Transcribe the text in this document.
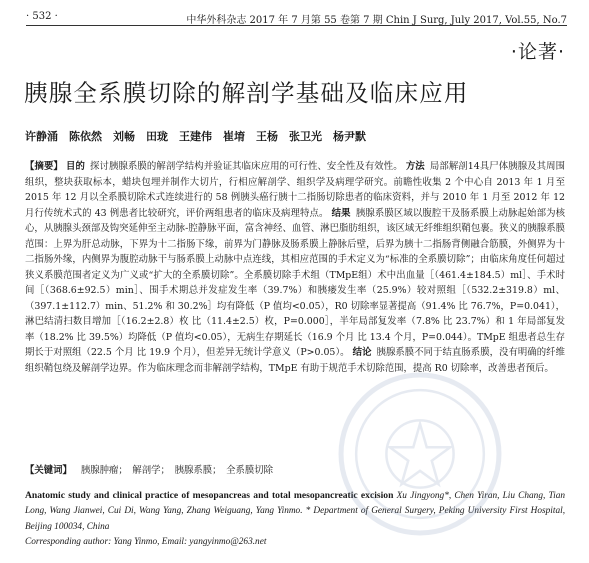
· 532 ·	中华外科杂志 2017 年 7 月第 55 卷第 7 期 Chin J Surg, July 2017, Vol.55, No.7
·论著·
胰腺全系膜切除的解剖学基础及临床应用
许静涌　陈依然　刘畅　田珑　王建伟　崔堉　王杨　张卫光　杨尹默
【摘要】 目的 探讨胰腺系膜的解剖学结构并验证其临床应用的可行性、安全性及有效性。 方法 局部解剖14具尸体胰腺及其周围组织，整块获取标本，蜡块包埋并制作大切片，行相应解剖学、组织学及病理学研究。前瞻性收集 2 个中心自 2013 年 1 月至 2015 年 12 月以全系膜切除术式连续进行的 58 例胰头癌行胰十二指肠切除患者的临床资料，并与 2010 年 1 月至 2012 年 12 月行传统术式的 43 例患者比较研究，评价两组患者的临床及病理特点。 结果 胰腺系膜区域以腹腔干及肠系膜上动脉起始部为核心，从胰腺头颈部及钩突延伸至主动脉-腔静脉平面，富含神经、血管、淋巴脂肪组织，该区域无纤维组织鞘包裹。狭义的胰腺系膜范围：上界为肝总动脉，下界为十二指肠下缘，前界为门静脉及肠系膜上静脉后壁，后界为胰十二指肠背侧融合筋膜，外侧界为十二指肠外缘，内侧界为腹腔动脉干与肠系膜上动脉中点连线，其相应范围的手术定义为“标准的全系膜切除”；由临床角度任何超过狭义系膜范围者定义为广义或“扩大的全系膜切除”。全系膜切除手术组（TMpE组）术中出血量［（461.4±184.5）ml］、手术时间［（368.6±92.5）min］、围手术期总并发症发生率（39.7%）和胰瘘发生率（25.9%）较对照组［（532.2±319.8）ml、（397.1±112.7）min、51.2% 和 30.2%］均有降低（P 值均<0.05），R0 切除率显著提高（91.4% 比 76.7%，P=0.041），淋巴结清扫数目增加［（16.2±2.8）枚 比（11.4±2.5）枚，P=0.000］，半年局部复发率（7.8% 比 23.7%）和 1 年局部复发率（18.2% 比 39.5%）均降低（P 值均<0.05），无病生存期延长（16.9 个月 比 13.4 个月，P=0.044）。TMpE 组患者总生存期长于对照组（22.5 个月 比 19.9 个月），但差异无统计学意义（P>0.05）。 结论 胰腺系膜不同于结直肠系膜，没有明确的纤维组织鞘包绕及解剖学边界。作为临床理念而非解剖学结构，TMpE 有助于规范手术切除范围，提高 R0 切除率，改善患者预后。
【关键词】 胰腺肿瘤；　解剖学；　胰腺系膜；　全系膜切除
Anatomic study and clinical practice of mesopancreas and total mesopancreatic excision Xu Jingyong*, Chen Yiran, Liu Chang, Tian Long, Wang Jianwei, Cui Di, Wang Yang, Zhang Weiguang, Yang Yinmo. * Department of General Surgery, Peking University First Hospital, Beijing 100034, China
Corresponding author: Yang Yinmo, Email: yangyinmo@263.net
